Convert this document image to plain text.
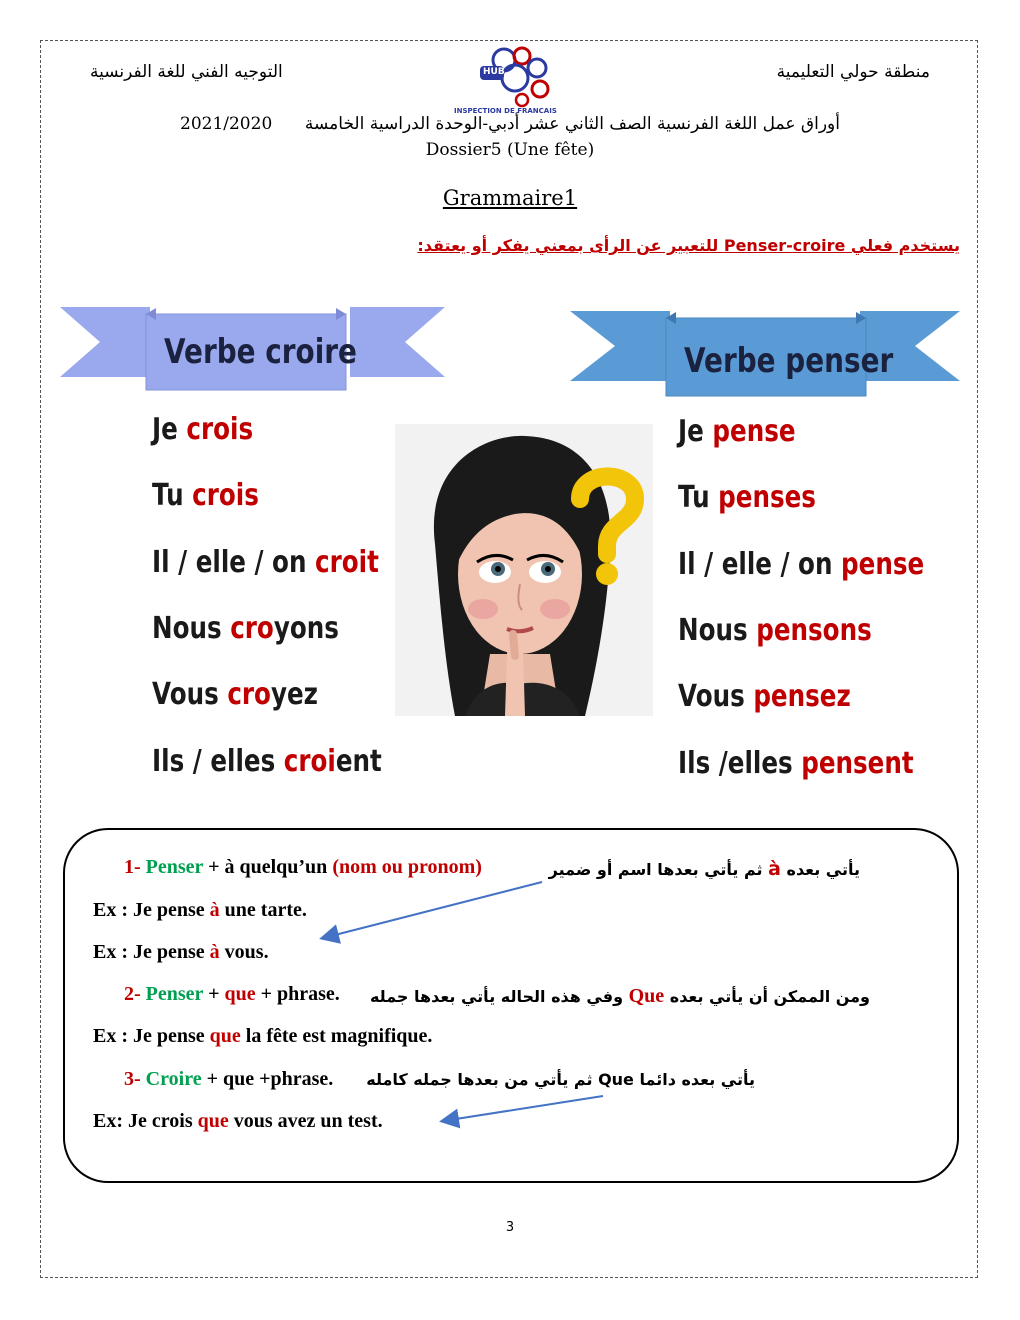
منطقة حولي التعليمية
التوجيه الفني للغة الفرنسية	HUB
INSPECTION DE FRANCAIS
أوراق عمل اللغة الفرنسية الصف الثاني عشر أدبي-الوحدة الدراسية الخامسة
2021/2020
Dossier5 (Une fête)
Grammaire1
يستخدم فعلي Penser-croire للتعبير عن الرأى بمعني يفكر أو يعتقد:
Verbe croire	Verbe penser
Je crois
Tu crois
Il / elle / on croit
Nous croyons
Vous croyez
Ils / elles croient
Je pense
Tu penses
Il / elle / on pense
Nous pensons
Vous pensez
Ils /elles pensent
1- Penser + à quelqu’un (nom ou pronom)	يأتي بعده à ثم يأتي بعدها اسم أو ضمير
Ex : Je pense à une tarte.
Ex : Je pense à vous.
2- Penser + que + phrase.	ومن الممكن أن يأتي بعده Que وفي هذه الحاله يأتي بعدها جمله
Ex : Je pense que la fête est magnifique.
3- Croire + que +phrase. يأتي بعده دائما Que ثم يأتي من بعدها جمله كامله
Ex: Je crois que vous avez un test.
3
